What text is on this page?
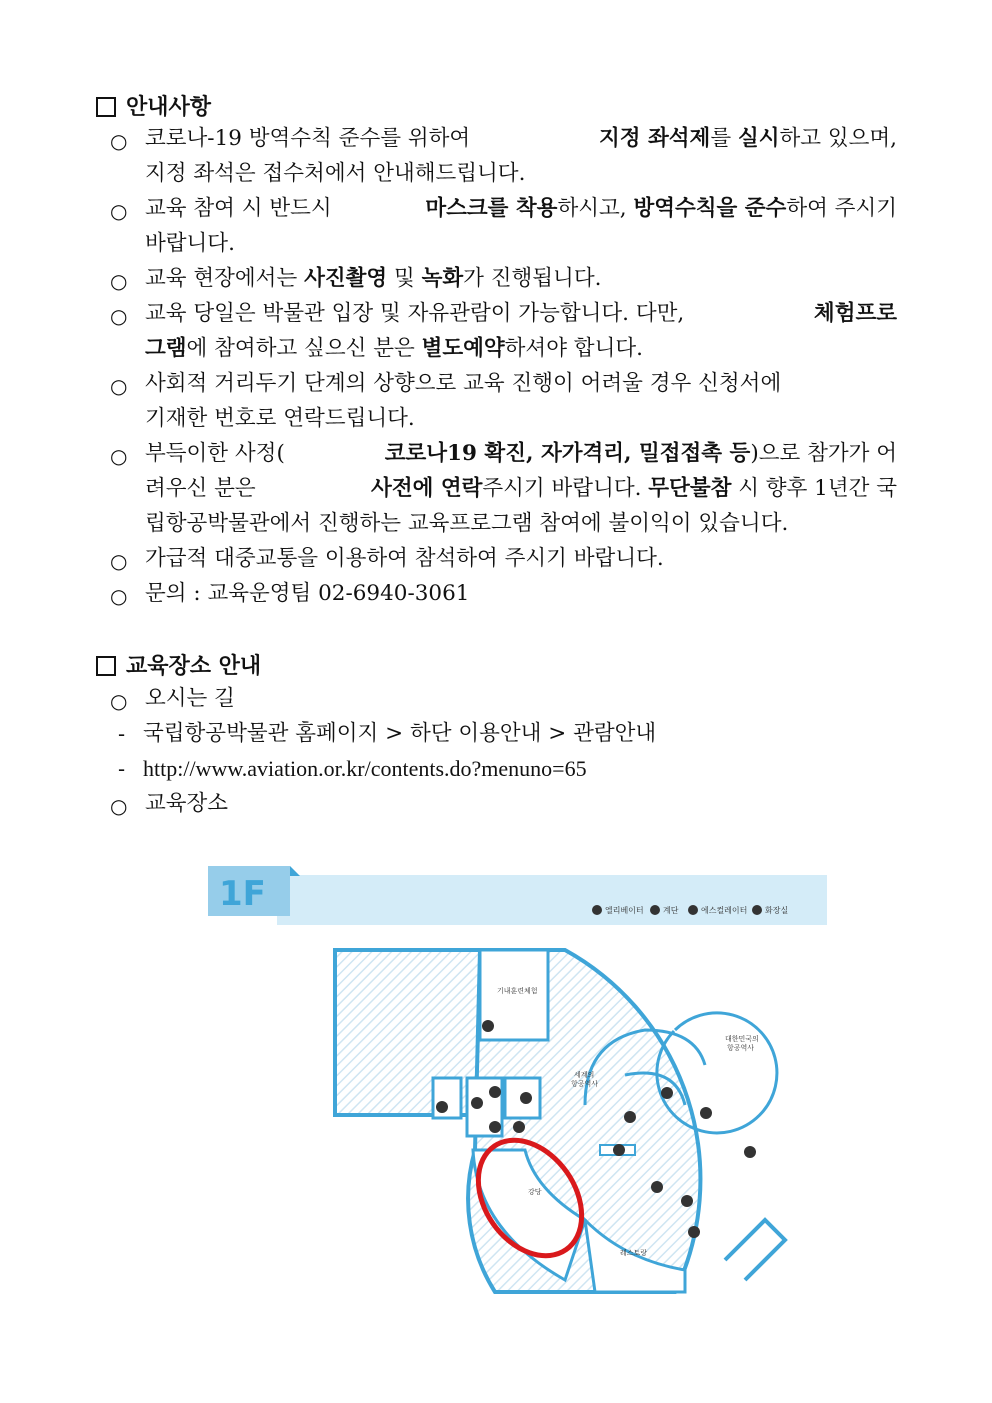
안내사항
○ 코로나-19 방역수칙 준수를 위하여	지정 좌석제를 실시하고 있으며,
지정 좌석은 접수처에서 안내해드립니다.
○ 교육 참여 시 반드시	마스크를 착용하시고, 방역수칙을 준수하여 주시기
바랍니다.
○ 교육 현장에서는 사진촬영 및 녹화가 진행됩니다.
○ 교육 당일은 박물관 입장 및 자유관람이 가능합니다. 다만,	체험프로
그램에 참여하고 싶으신 분은 별도예약하셔야 합니다.
○ 사회적 거리두기 단계의 상향으로 교육 진행이 어려울 경우 신청서에
기재한 번호로 연락드립니다.
○ 부득이한 사정(	코로나19 확진, 자가격리, 밀접접촉 등)으로 참가가 어
려우신 분은	사전에 연락주시기 바랍니다. 무단불참 시 향후 1년간 국
립항공박물관에서 진행하는 교육프로그램 참여에 불이익이 있습니다.
○ 가급적 대중교통을 이용하여 참석하여 주시기 바랍니다.
○ 문의 : 교육운영팀 02-6940-3061
교육장소 안내
○ 오시는 길
- 국립항공박물관 홈페이지 > 하단 이용안내 > 관람안내
- http://www.aviation.or.kr/contents.do?menuno=65
○ 교육장소
1F	엘리베이터 계단	에스컬레이터 화장실
기내훈련체험
대한민국의
항공역사
세계의
항공역사
강당
레스토랑
